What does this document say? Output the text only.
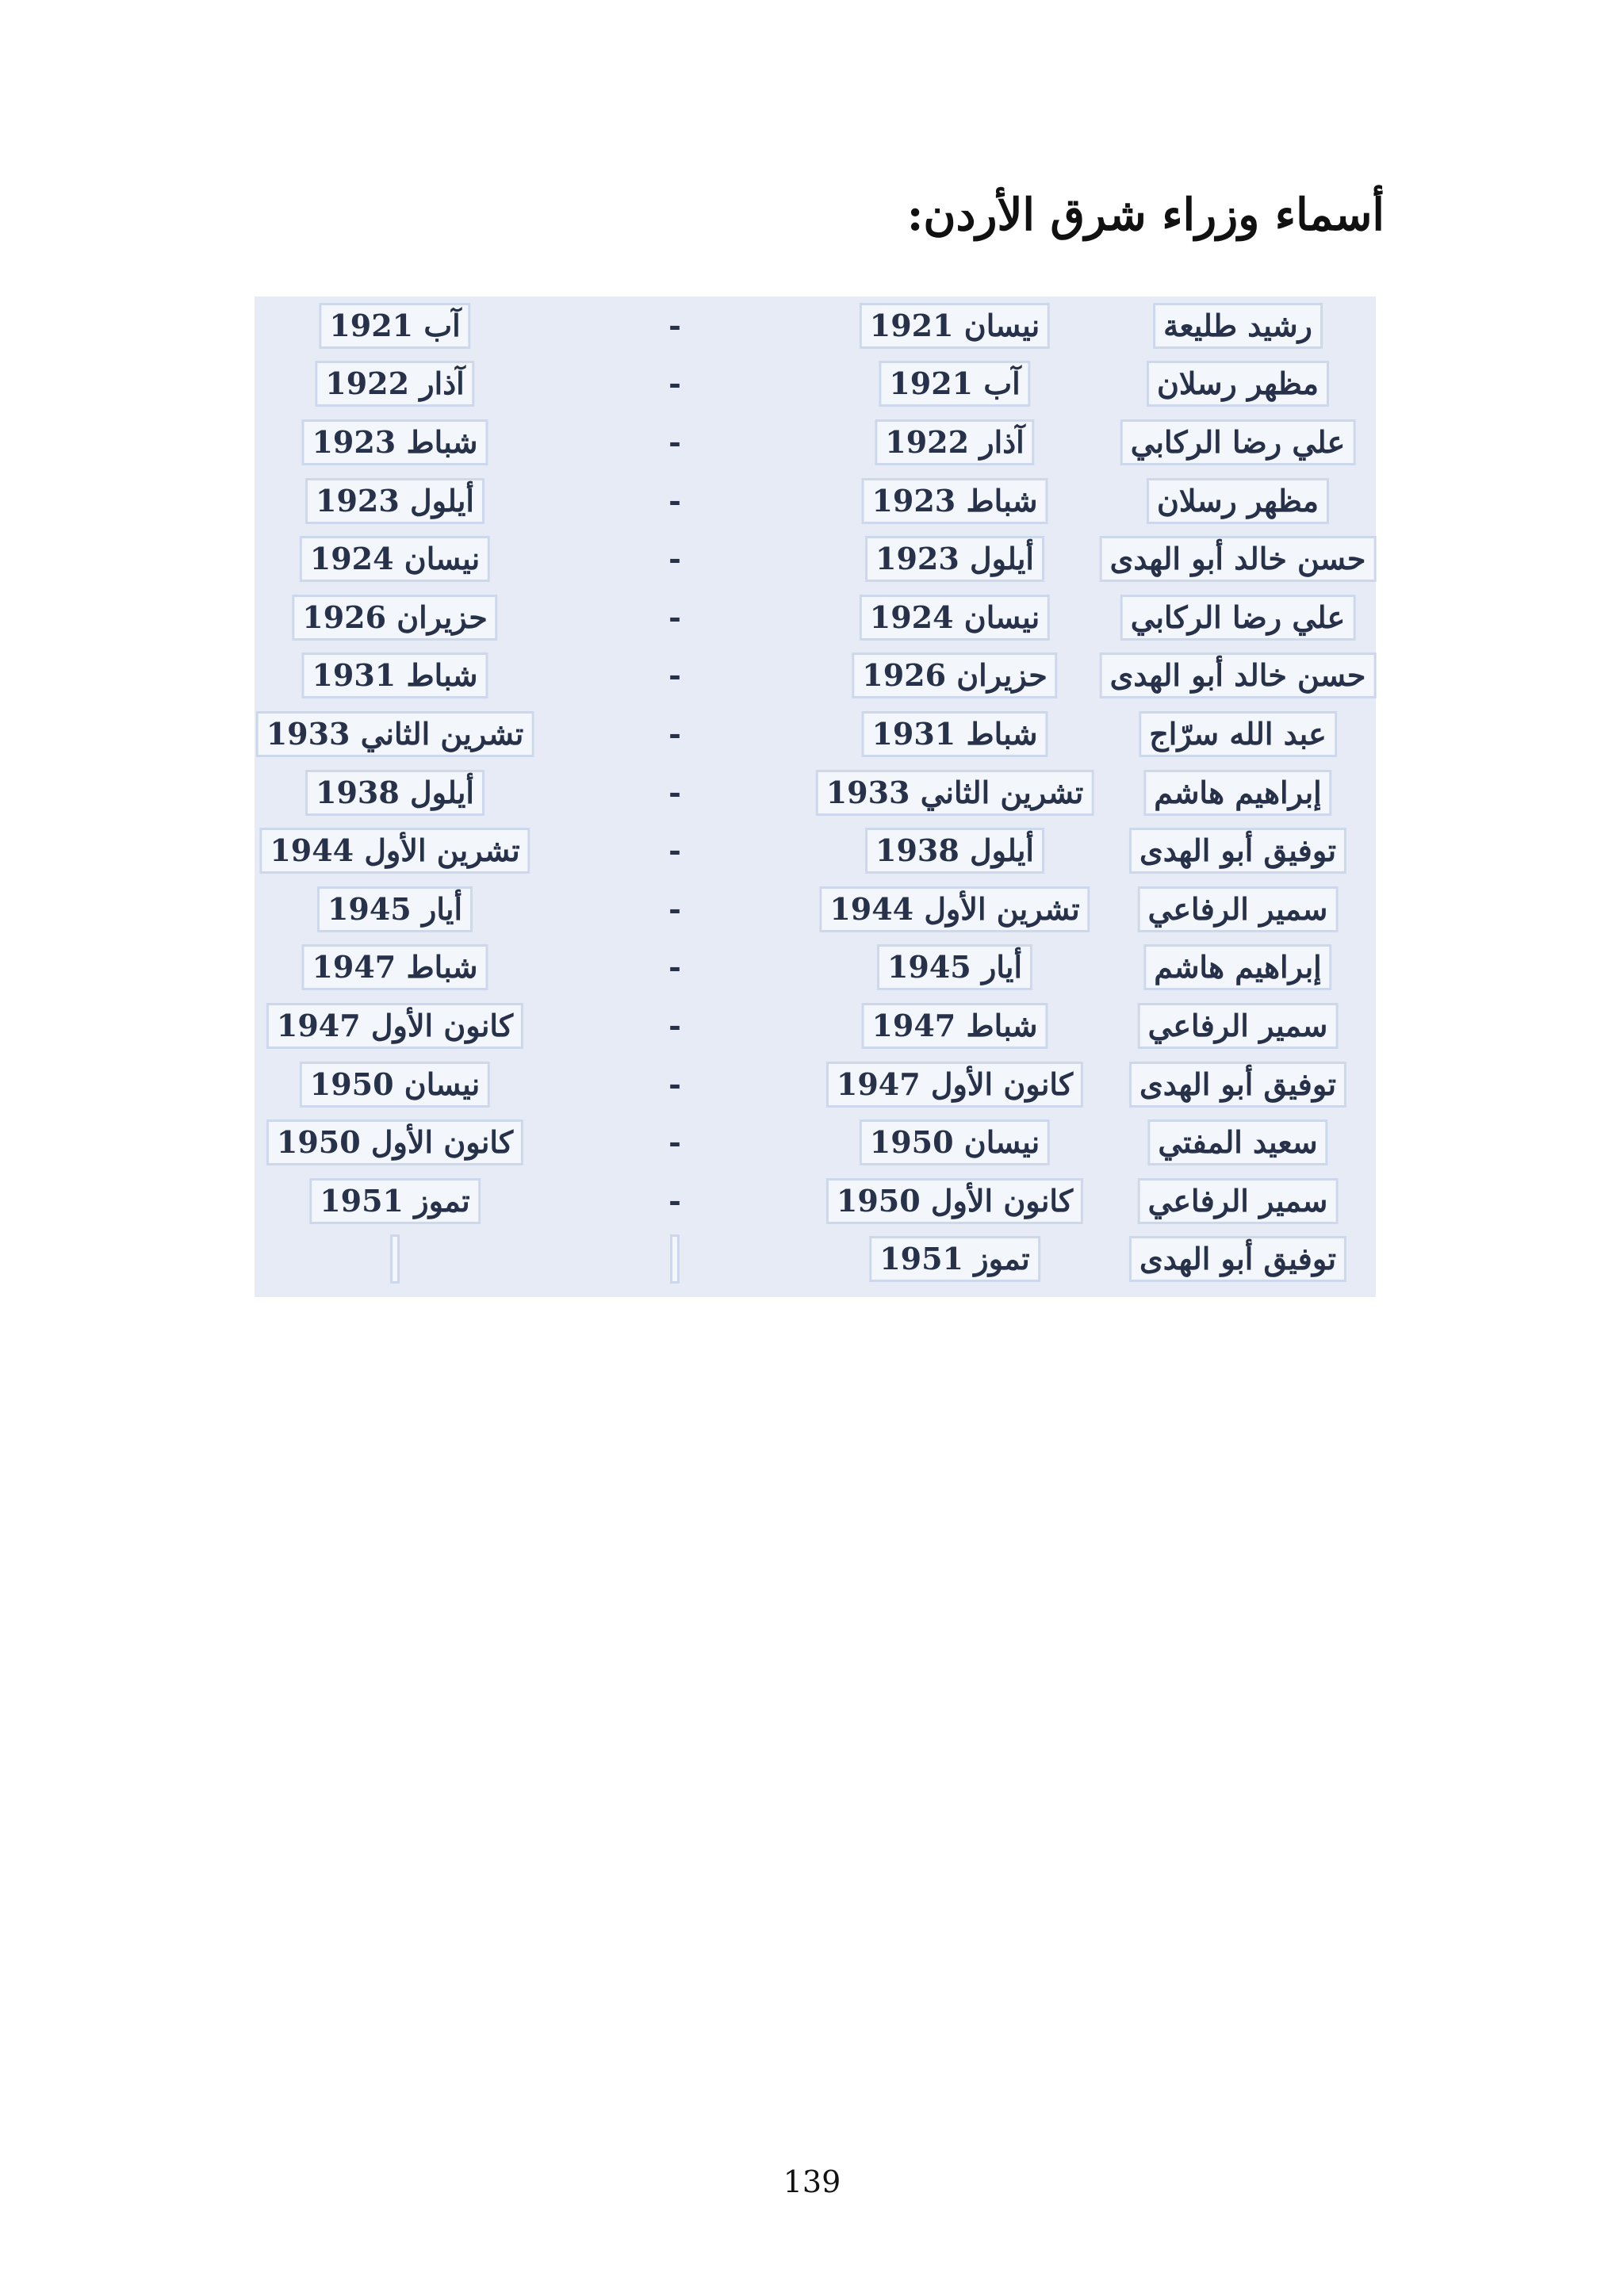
أسماء وزراء شرق الأردن:
رشيد طليعة
نيسان 1921
-
آب 1921
مظهر رسلان
آب 1921
-
آذار 1922
علي رضا الركابي
آذار 1922
-
شباط 1923
مظهر رسلان
شباط 1923
-
أيلول 1923
حسن خالد أبو الهدى
أيلول 1923
-
نيسان 1924
علي رضا الركابي
نيسان 1924
-
حزيران 1926
حسن خالد أبو الهدى
حزيران 1926
-
شباط 1931
عبد الله سرّاج
شباط 1931
-
تشرين الثاني 1933
إبراهيم هاشم
تشرين الثاني 1933
-
أيلول 1938
توفيق أبو الهدى
أيلول 1938
-
تشرين الأول 1944
سمير الرفاعي
تشرين الأول 1944
-
أيار 1945
إبراهيم هاشم
أيار 1945
-
شباط 1947
سمير الرفاعي
شباط 1947
-
كانون الأول 1947
توفيق أبو الهدى
كانون الأول 1947
-
نيسان 1950
سعيد المفتي
نيسان 1950
-
كانون الأول 1950
سمير الرفاعي
كانون الأول 1950
-
تموز 1951
توفيق أبو الهدى
تموز 1951
139
